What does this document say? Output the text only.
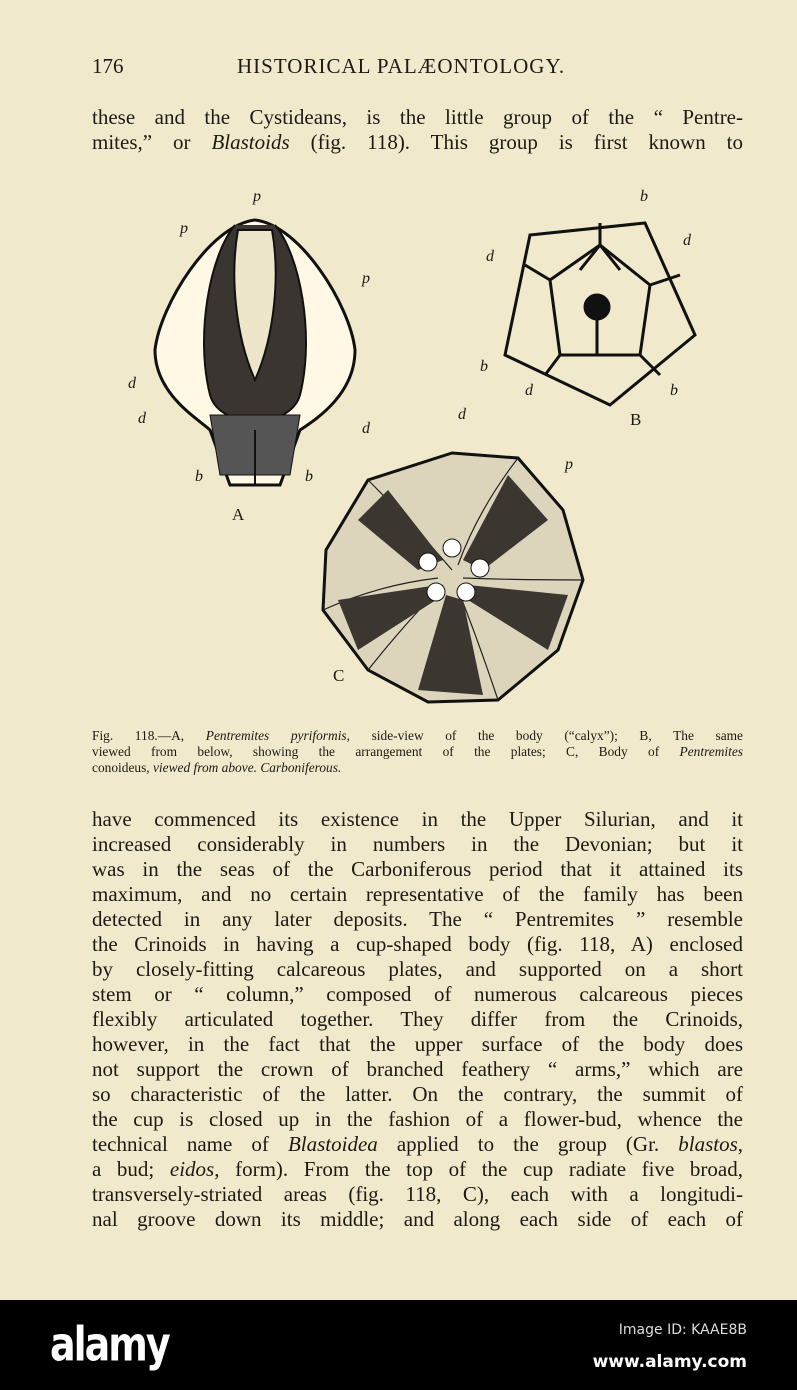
176	HISTORICAL PALÆONTOLOGY.
these and the Cystideans, is the little group of the “ Pentre-
mites,” or Blastoids (fig. 118). This group is first known to
p
p
p
d
d
d
b	b
A
b
d
d
b
d	b
B
d
p
C
Fig. 118.—A, Pentremites pyriformis, side-view of the body (“calyx”); B, The same
viewed from below, showing the arrangement of the plates; C, Body of Pentremites
conoideus, viewed from above. Carboniferous.
have commenced its existence in the Upper Silurian, and it
increased considerably in numbers in the Devonian; but it
was in the seas of the Carboniferous period that it attained its
maximum, and no certain representative of the family has been
detected in any later deposits. The “ Pentremites ” resemble
the Crinoids in having a cup-shaped body (fig. 118, A) enclosed
by closely-fitting calcareous plates, and supported on a short
stem or “ column,” composed of numerous calcareous pieces
flexibly articulated together. They differ from the Crinoids,
however, in the fact that the upper surface of the body does
not support the crown of branched feathery “ arms,” which are
so characteristic of the latter. On the contrary, the summit of
the cup is closed up in the fashion of a flower-bud, whence the
technical name of Blastoidea applied to the group (Gr. blastos,
a bud; eidos, form). From the top of the cup radiate five broad,
transversely-striated areas (fig. 118, C), each with a longitudi-
nal groove down its middle; and along each side of each of
alamy	Image ID: KAAE8B
www.alamy.com
